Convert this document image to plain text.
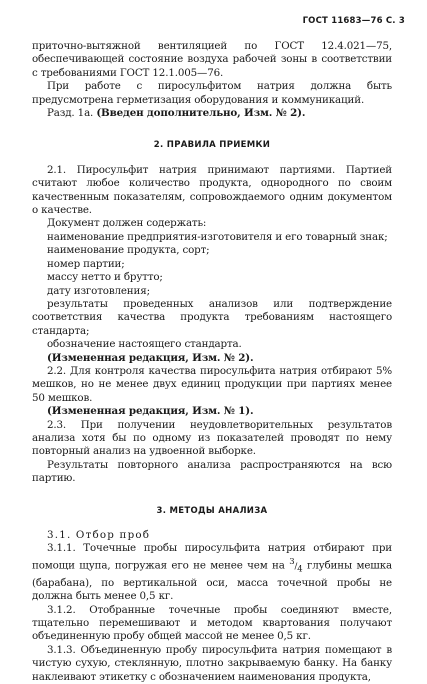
ГОСТ 11683—76 С. 3

приточно-вытяжной вентиляцией по ГОСТ 12.4.021—75, обеспечивающей состояние воздуха рабочей зоны в соответствии с требованиями ГОСТ 12.1.005—76.

При работе с пиросульфитом натрия должна быть предусмотрена герметизация оборудования и коммуникаций.

Разд. 1а. (Введен дополнительно, Изм. № 2).

2. ПРАВИЛА ПРИЕМКИ

2.1. Пиросульфит натрия принимают партиями. Партией считают любое количество продукта, однородного по своим качественным показателям, сопровождаемого одним документом о качестве.

Документ должен содержать:

наименование предприятия-изготовителя и его товарный знак;

наименование продукта, сорт;

номер партии;

массу нетто и брутто;

дату изготовления;

результаты проведенных анализов или подтверждение соответствия качества продукта требованиям настоящего стандарта;

обозначение настоящего стандарта.

(Измененная редакция, Изм. № 2).

2.2. Для контроля качества пиросульфита натрия отбирают 5% мешков, но не менее двух единиц продукции при партиях менее 50 мешков.

(Измененная редакция, Изм. № 1).

2.3. При получении неудовлетворительных результатов анализа хотя бы по одному из показателей проводят по нему повторный анализ на удвоенной выборке.

Результаты повторного анализа распространяются на всю партию.

3. МЕТОДЫ АНАЛИЗА

3.1. Отбор проб

3.1.1. Точечные пробы пиросульфита натрия отбирают при помощи щупа, погружая его не менее чем на $^3/_4$ глубины мешка (барабана), по вертикальной оси, масса точечной пробы не должна быть менее 0,5 кг.

3.1.2. Отобранные точечные пробы соединяют вместе, тщательно перемешивают и методом квартования получают объединенную пробу общей массой не менее 0,5 кг.

3.1.3. Объединенную пробу пиросульфита натрия помещают в чистую сухую, стеклянную, плотно закрываемую банку. На банку наклеивают этикетку с обозначением наименования продукта,
